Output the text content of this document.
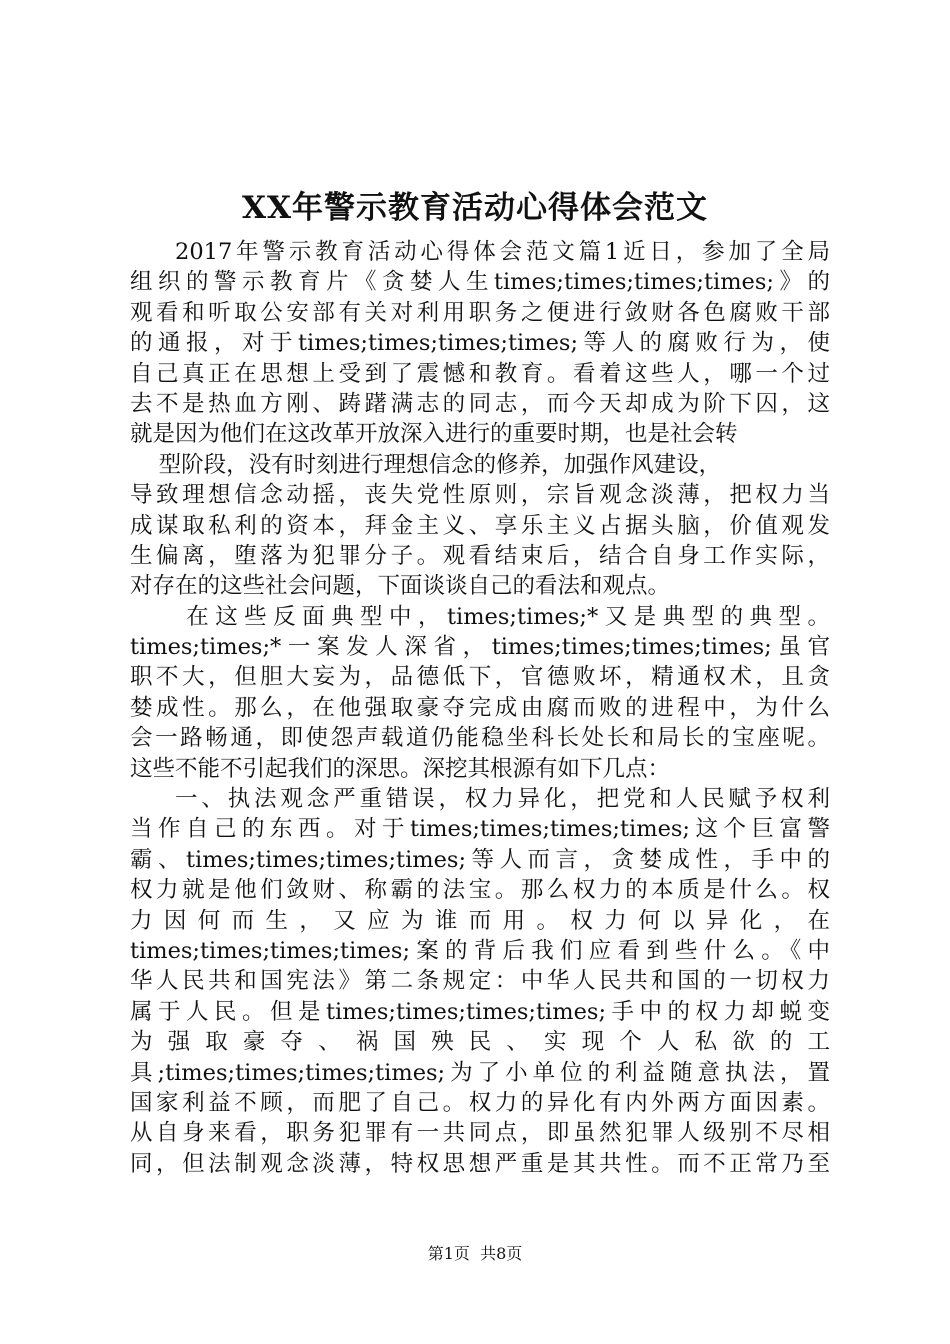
XX年警示教育活动心得体会范文
2017年警示教育活动心得体会范文篇1近日，参加了全局
组织的警示教育片《贪婪人生times;times;times;times;》的
观看和听取公安部有关对利用职务之便进行敛财各色腐败干部
的通报，对于times;times;times;times;等人的腐败行为，使
自己真正在思想上受到了震憾和教育。看着这些人，哪一个过
去不是热血方刚、踌躇满志的同志，而今天却成为阶下囚，这
就是因为他们在这改革开放深入进行的重要时期，也是社会转
型阶段，没有时刻进行理想信念的修养，加强作风建设，
导致理想信念动摇，丧失党性原则，宗旨观念淡薄，把权力当
成谋取私利的资本，拜金主义、享乐主义占据头脑，价值观发
生偏离，堕落为犯罪分子。观看结束后，结合自身工作实际，
对存在的这些社会问题，下面谈谈自己的看法和观点。
在这些反面典型中，times;times;*又是典型的典型。
times;times;*一案发人深省，times;times;times;times;虽官
职不大，但胆大妄为，品德低下，官德败坏，精通权术，且贪
婪成性。那么，在他强取豪夺完成由腐而败的进程中，为什么
会一路畅通，即使怨声载道仍能稳坐科长处长和局长的宝座呢。
这些不能不引起我们的深思。深挖其根源有如下几点：
一、执法观念严重错误，权力异化，把党和人民赋予权利
当作自己的东西。对于times;times;times;times;这个巨富警
霸、times;times;times;times;等人而言，贪婪成性，手中的
权力就是他们敛财、称霸的法宝。那么权力的本质是什么。权
力因何而生，又应为谁而用。权力何以异化，在
times;times;times;times;案的背后我们应看到些什么。《中
华人民共和国宪法》第二条规定：中华人民共和国的一切权力
属于人民。但是times;times;times;times;手中的权力却蜕变
为强取豪夺、祸国殃民、实现个人私欲的工
具;times;times;times;times;为了小单位的利益随意执法，置
国家利益不顾，而肥了自己。权力的异化有内外两方面因素。
从自身来看，职务犯罪有一共同点，即虽然犯罪人级别不尽相
同，但法制观念淡薄，特权思想严重是其共性。而不正常乃至
第1页  共8页
